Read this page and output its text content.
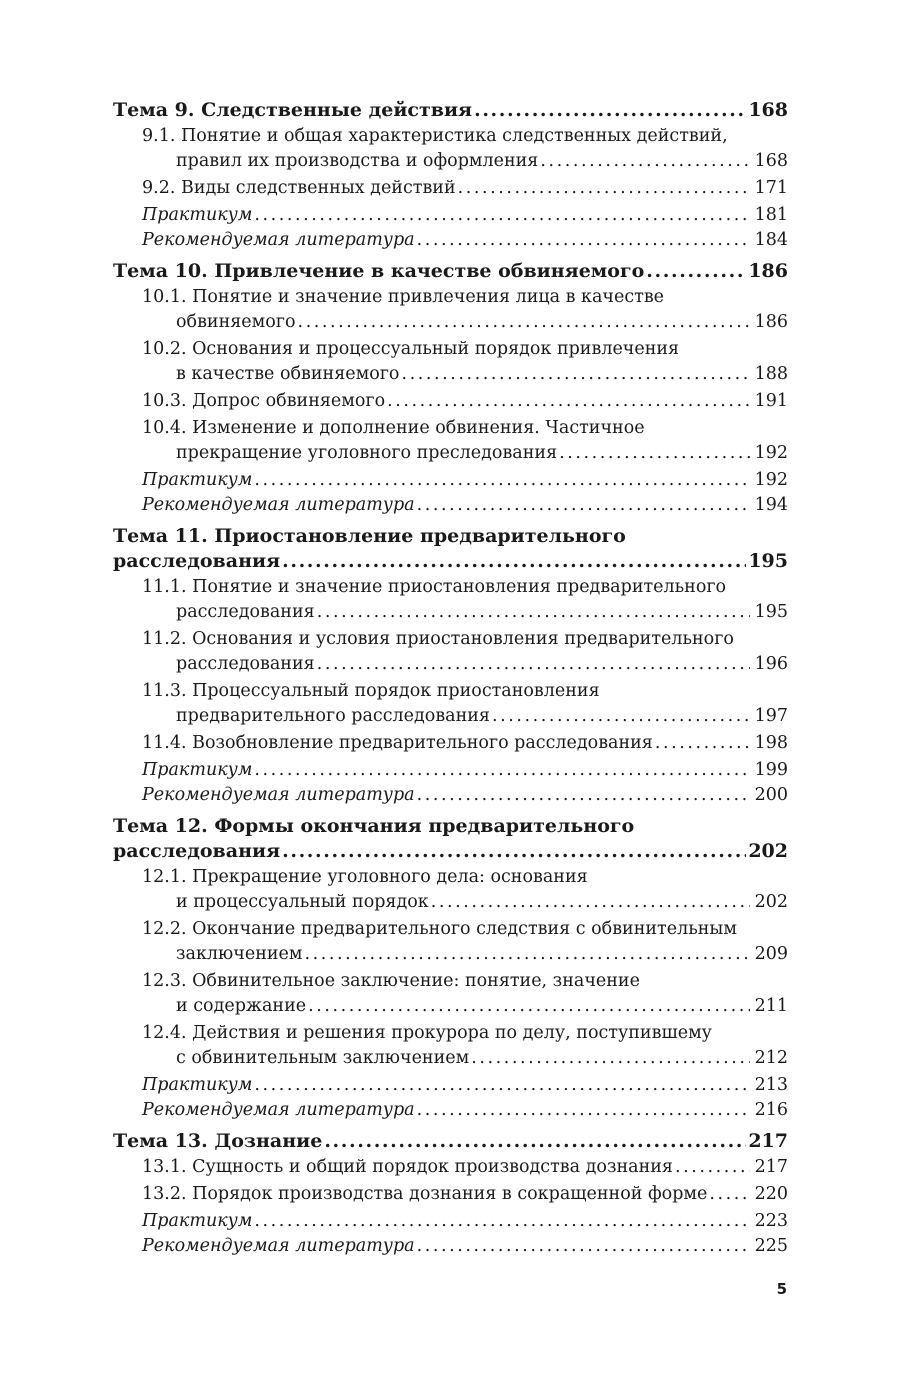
Тема 9. Следственные действия . . .	168
9.1. Понятие и общая характеристика следственных действий,
правил их производства и оформления . . .	168
9.2. Виды следственных действий . . .	171
Практикум . . .	181
Рекомендуемая литература . . .	184
Тема 10. Привлечение в качестве обвиняемого . . .	186
10.1. Понятие и значение привлечения лица в качестве
обвиняемого . . .	186
10.2. Основания и процессуальный порядок привлечения
в качестве обвиняемого . . .	188
10.3. Допрос обвиняемого . . .	191
10.4. Изменение и дополнение обвинения. Частичное
прекращение уголовного преследования . . .	192
Практикум . . .	192
Рекомендуемая литература . . .	194
Тема 11. Приостановление предварительного
расследования . . .	195
11.1. Понятие и значение приостановления предварительного
расследования . . .	195
11.2. Основания и условия приостановления предварительного
расследования . . .	196
11.3. Процессуальный порядок приостановления
предварительного расследования . . .	197
11.4. Возобновление предварительного расследования . . .	198
Практикум . . .	199
Рекомендуемая литература . . .	200
Тема 12. Формы окончания предварительного
расследования . . .	202
12.1. Прекращение уголовного дела: основания
и процессуальный порядок . . .	202
12.2. Окончание предварительного следствия с обвинительным
заключением . . .	209
12.3. Обвинительное заключение: понятие, значение
и содержание . . .	211
12.4. Действия и решения прокурора по делу, поступившему
с обвинительным заключением . . .	212
Практикум . . .	213
Рекомендуемая литература . . .	216
Тема 13. Дознание . . .	217
13.1. Сущность и общий порядок производства дознания . . .	217
13.2. Порядок производства дознания в сокращенной форме . . .	220
Практикум . . .	223
Рекомендуемая литература . . .	225
5
